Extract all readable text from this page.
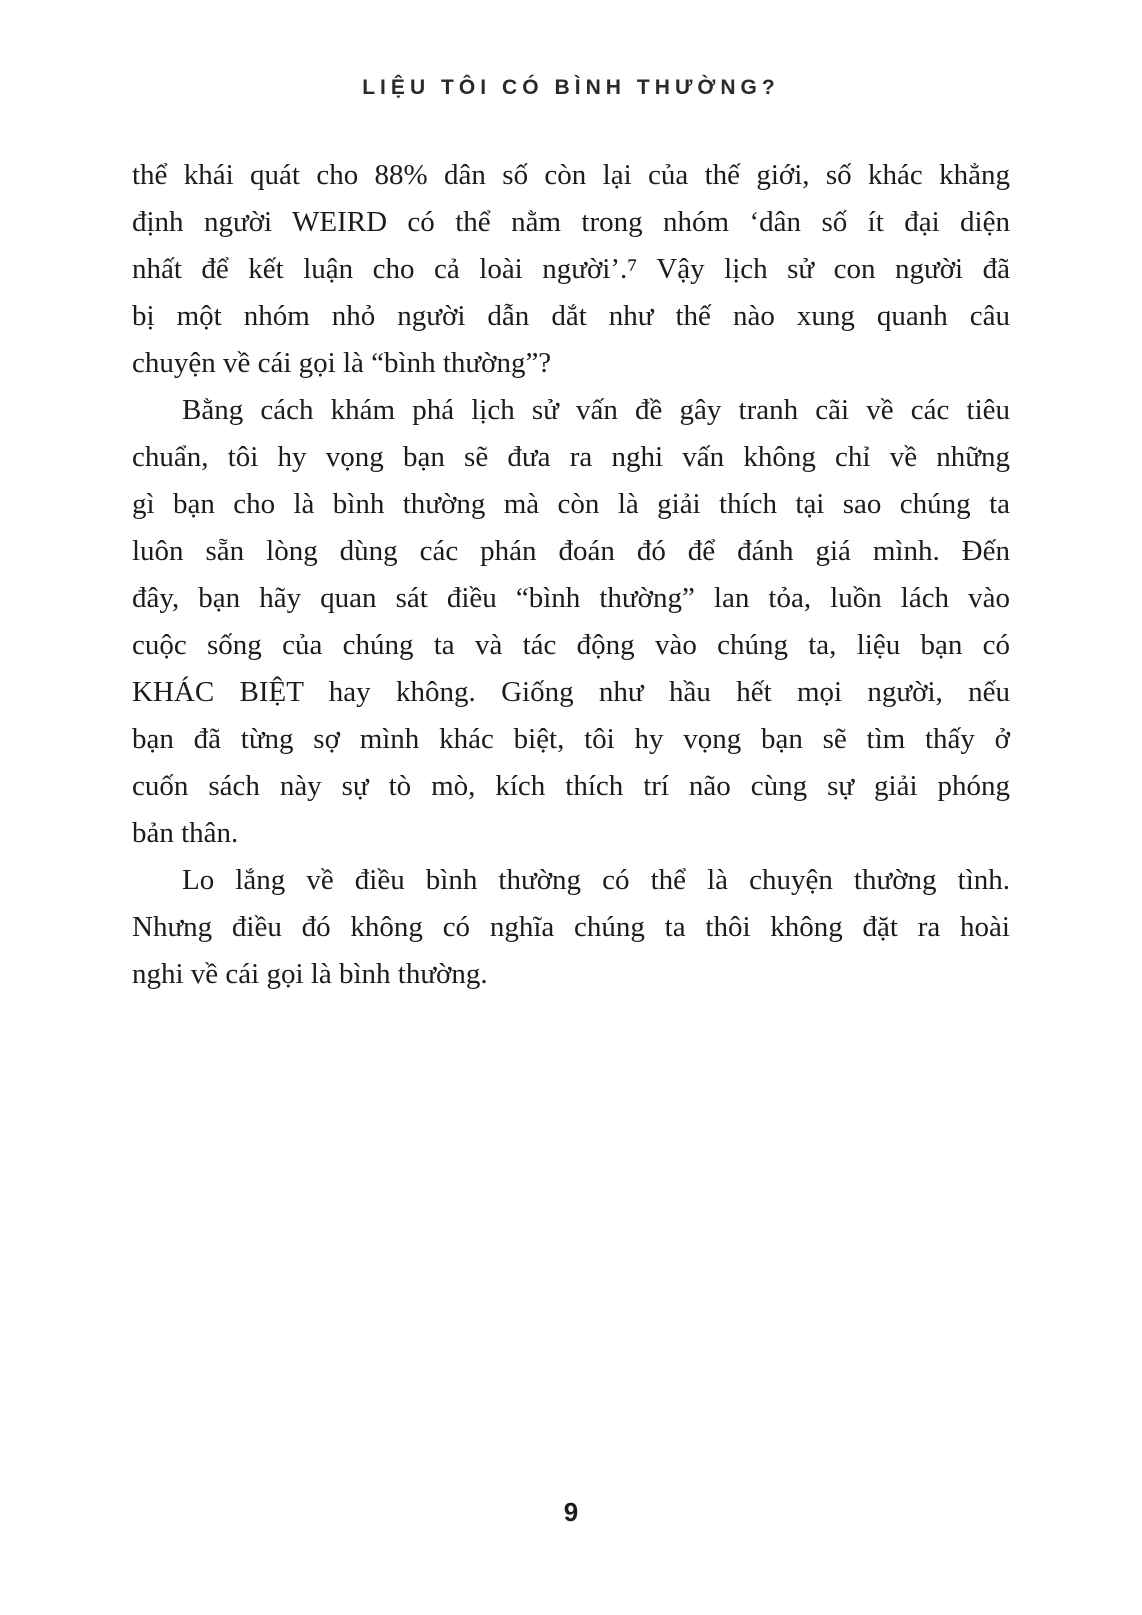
LIỆU TÔI CÓ BÌNH THƯỜNG?
thể khái quát cho 88% dân số còn lại của thế giới, số khác khẳng
định người WEIRD có thể nằm trong nhóm ‘dân số ít đại diện
nhất để kết luận cho cả loài người’.⁷ Vậy lịch sử con người đã
bị một nhóm nhỏ người dẫn dắt như thế nào xung quanh câu
chuyện về cái gọi là “bình thường”?
Bằng cách khám phá lịch sử vấn đề gây tranh cãi về các tiêu
chuẩn, tôi hy vọng bạn sẽ đưa ra nghi vấn không chỉ về những
gì bạn cho là bình thường mà còn là giải thích tại sao chúng ta
luôn sẵn lòng dùng các phán đoán đó để đánh giá mình. Đến
đây, bạn hãy quan sát điều “bình thường” lan tỏa, luồn lách vào
cuộc sống của chúng ta và tác động vào chúng ta, liệu bạn có
KHÁC BIỆT hay không. Giống như hầu hết mọi người, nếu
bạn đã từng sợ mình khác biệt, tôi hy vọng bạn sẽ tìm thấy ở
cuốn sách này sự tò mò, kích thích trí não cùng sự giải phóng
bản thân.
Lo lắng về điều bình thường có thể là chuyện thường tình.
Nhưng điều đó không có nghĩa chúng ta thôi không đặt ra hoài
nghi về cái gọi là bình thường.
9
